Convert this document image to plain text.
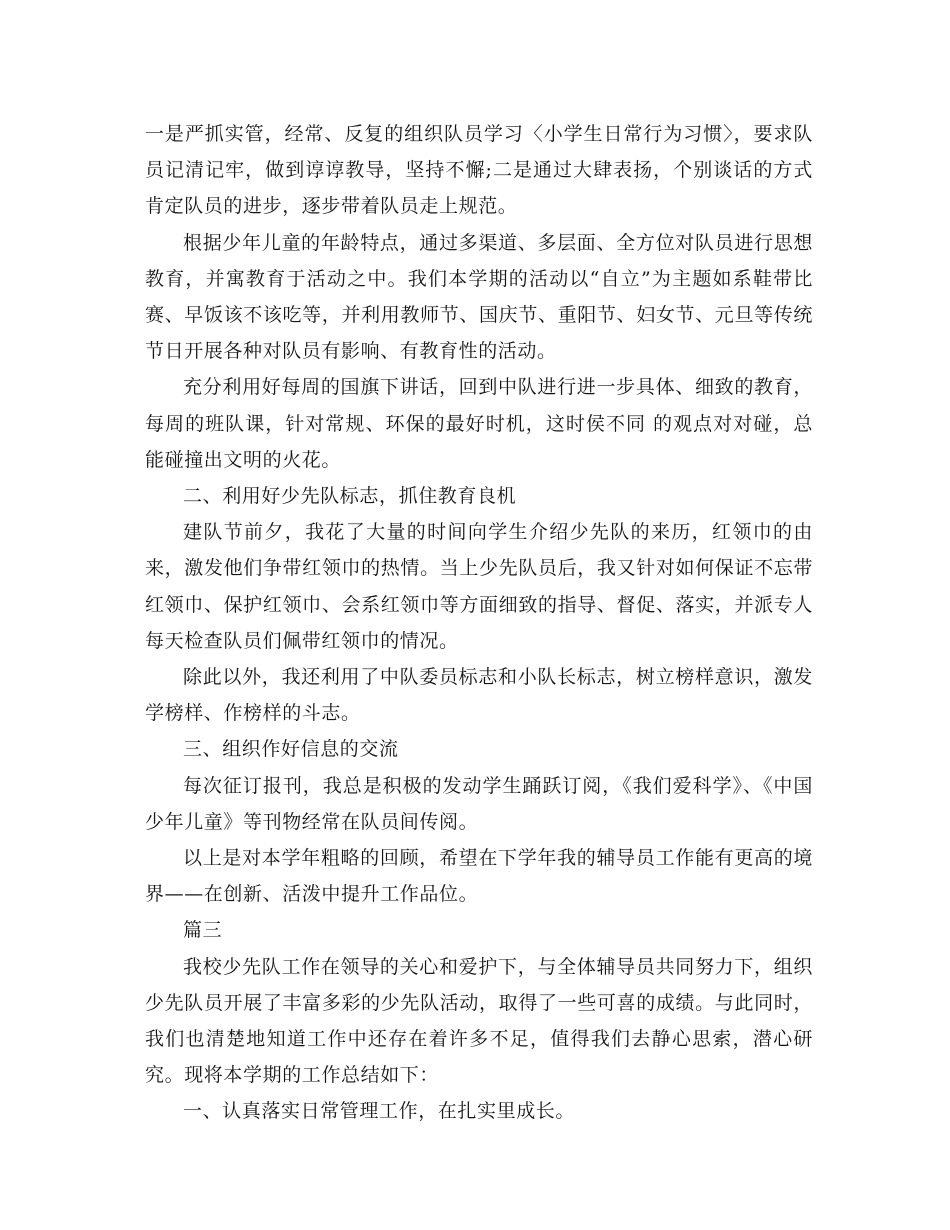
一是严抓实管，经常、反复的组织队员学习〈小学生日常行为习惯〉，要求队员记清记牢，做到谆谆教导，坚持不懈;二是通过大肆表扬，个别谈话的方式肯定队员的进步，逐步带着队员走上规范。

根据少年儿童的年龄特点，通过多渠道、多层面、全方位对队员进行思想教育，并寓教育于活动之中。我们本学期的活动以“自立”为主题如系鞋带比赛、早饭该不该吃等，并利用教师节、国庆节、重阳节、妇女节、元旦等传统节日开展各种对队员有影响、有教育性的活动。

充分利用好每周的国旗下讲话，回到中队进行进一步具体、细致的教育，每周的班队课，针对常规、环保的最好时机，这时侯不同 的观点对对碰，总能碰撞出文明的火花。

二、利用好少先队标志，抓住教育良机

建队节前夕，我花了大量的时间向学生介绍少先队的来历，红领巾的由来，激发他们争带红领巾的热情。当上少先队员后，我又针对如何保证不忘带红领巾、保护红领巾、会系红领巾等方面细致的指导、督促、落实，并派专人每天检查队员们佩带红领巾的情况。

除此以外，我还利用了中队委员标志和小队长标志，树立榜样意识，激发学榜样、作榜样的斗志。

三、组织作好信息的交流

每次征订报刊，我总是积极的发动学生踊跃订阅，《我们爱科学》、《中国少年儿童》等刊物经常在队员间传阅。

以上是对本学年粗略的回顾，希望在下学年我的辅导员工作能有更高的境界——在创新、活泼中提升工作品位。

篇三

我校少先队工作在领导的关心和爱护下，与全体辅导员共同努力下，组织少先队员开展了丰富多彩的少先队活动，取得了一些可喜的成绩。与此同时，我们也清楚地知道工作中还存在着许多不足，值得我们去静心思索，潜心研究。现将本学期的工作总结如下：

一、认真落实日常管理工作，在扎实里成长。
